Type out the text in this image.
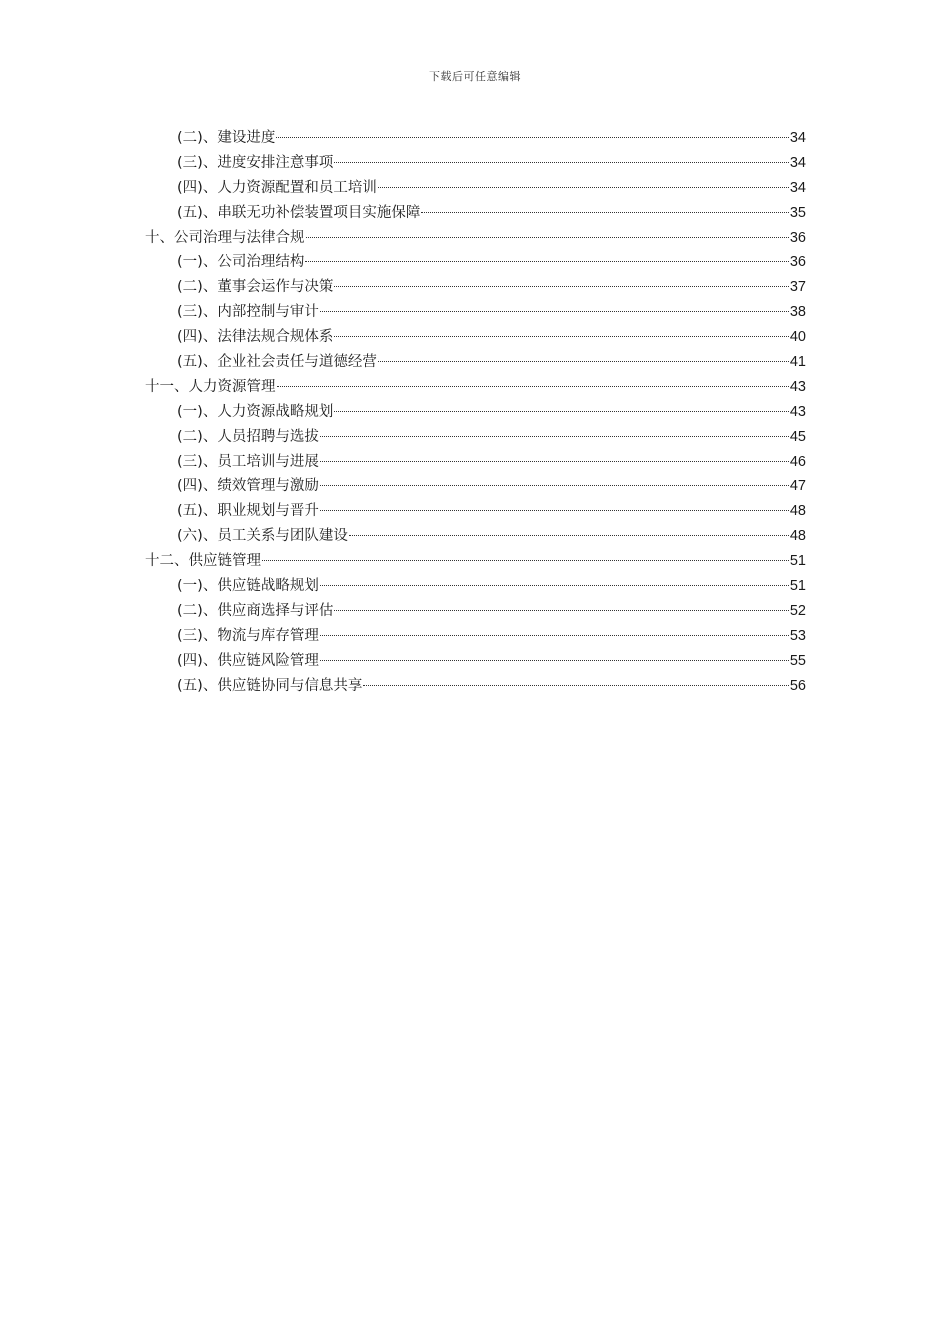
下载后可任意编辑
(二)、建设进度	34
(三)、进度安排注意事项	34
(四)、人力资源配置和员工培训	34
(五)、串联无功补偿装置项目实施保障	35
十、公司治理与法律合规	36
(一)、公司治理结构	36
(二)、董事会运作与决策	37
(三)、内部控制与审计	38
(四)、法律法规合规体系	40
(五)、企业社会责任与道德经营	41
十一、人力资源管理	43
(一)、人力资源战略规划	43
(二)、人员招聘与选拔	45
(三)、员工培训与进展	46
(四)、绩效管理与激励	47
(五)、职业规划与晋升	48
(六)、员工关系与团队建设	48
十二、供应链管理	51
(一)、供应链战略规划	51
(二)、供应商选择与评估	52
(三)、物流与库存管理	53
(四)、供应链风险管理	55
(五)、供应链协同与信息共享	56
